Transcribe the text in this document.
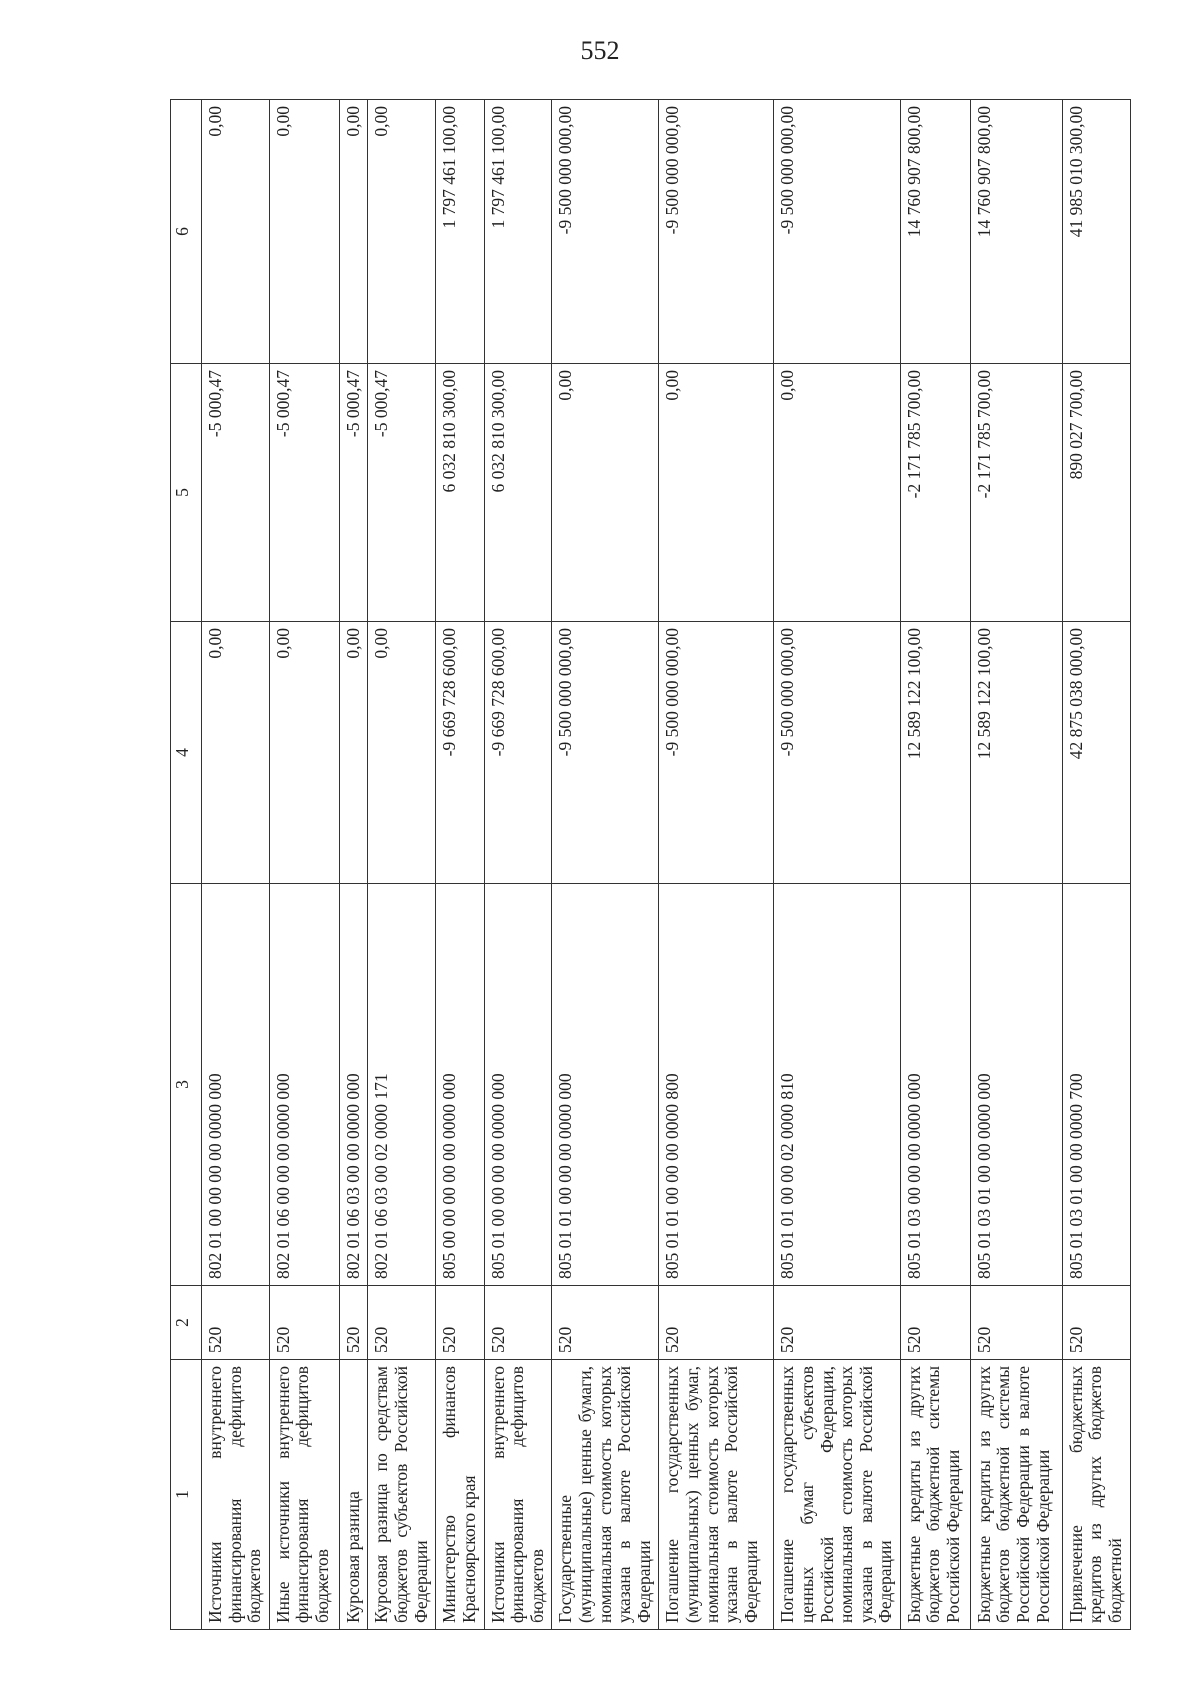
552
1	2	3	4	5	6
Источники внутреннего финансирования дефицитов бюджетов	520	802 01 00 00 00 00 0000 000	0,00	-5 000,47	0,00
Иные источники внутреннего финансирования дефицитов бюджетов	520	802 01 06 00 00 00 0000 000	0,00	-5 000,47	0,00
Курсовая разница	520	802 01 06 03 00 00 0000 000	0,00	-5 000,47	0,00
Курсовая разница по средствам бюджетов субъектов Российской Федерации	520	802 01 06 03 00 02 0000 171	0,00	-5 000,47	0,00
Министерство финансов Красноярского края	520	805 00 00 00 00 00 0000 000	-9 669 728 600,00	6 032 810 300,00	1 797 461 100,00
Источники внутреннего финансирования дефицитов бюджетов	520	805 01 00 00 00 00 0000 000	-9 669 728 600,00	6 032 810 300,00	1 797 461 100,00
Государственные (муниципальные) ценные бумаги, номинальная стоимость которых указана в валюте Российской Федерации	520	805 01 01 00 00 00 0000 000	-9 500 000 000,00	0,00	-9 500 000 000,00
Погашение государственных (муниципальных) ценных бумаг, номинальная стоимость которых указана в валюте Российской Федерации	520	805 01 01 00 00 00 0000 800	-9 500 000 000,00	0,00	-9 500 000 000,00
Погашение государственных ценных бумаг субъектов Российской Федерации, номинальная стоимость которых указана в валюте Российской Федерации	520	805 01 01 00 00 02 0000 810	-9 500 000 000,00	0,00	-9 500 000 000,00
Бюджетные кредиты из других бюджетов бюджетной системы Российской Федерации	520	805 01 03 00 00 00 0000 000	12 589 122 100,00	-2 171 785 700,00	14 760 907 800,00
Бюджетные кредиты из других бюджетов бюджетной системы Российской Федерации в валюте Российской Федерации	520	805 01 03 01 00 00 0000 000	12 589 122 100,00	-2 171 785 700,00	14 760 907 800,00
Привлечение бюджетных кредитов из других бюджетов бюджетной	520	805 01 03 01 00 00 0000 700	42 875 038 000,00	890 027 700,00	41 985 010 300,00
